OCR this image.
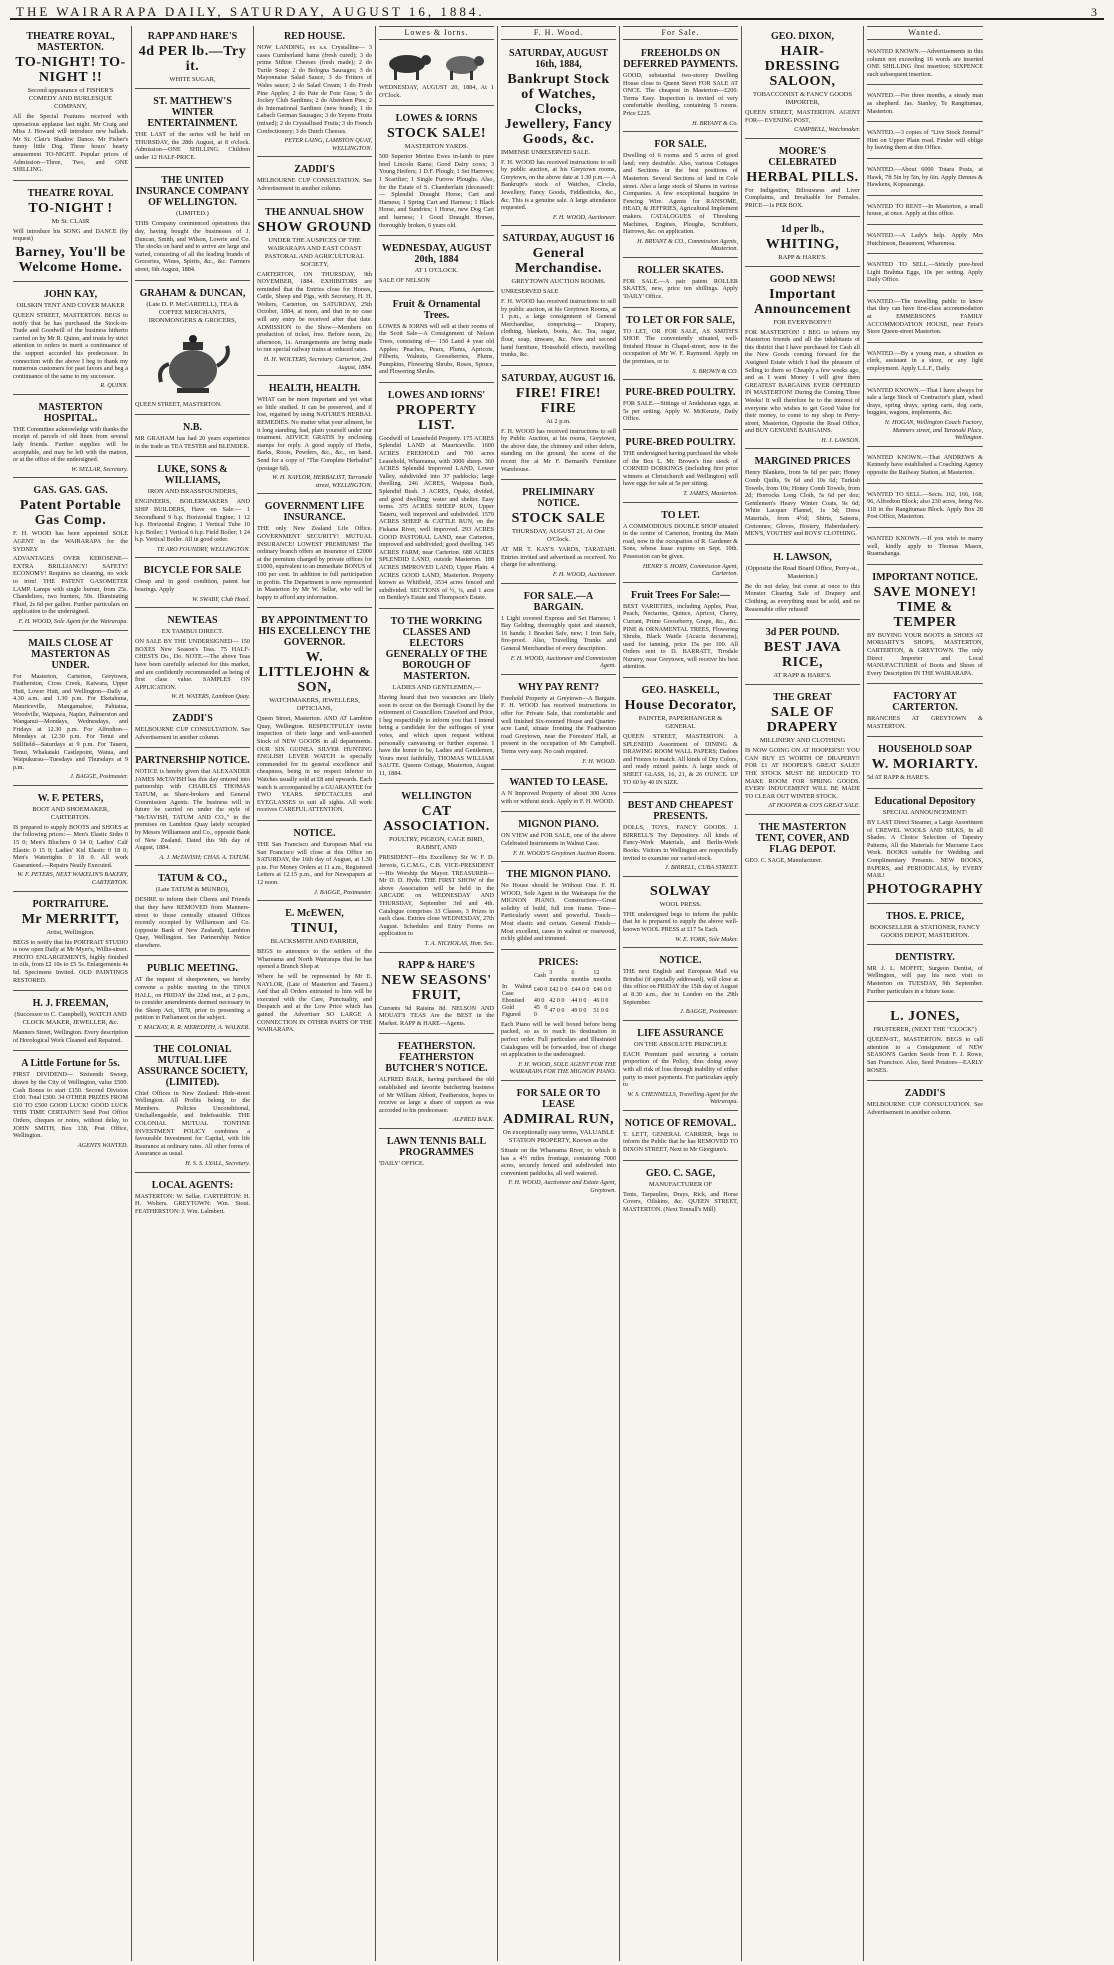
THE WAIRARAPA DAILY, SATURDAY, AUGUST 16, 1884.	3
THEATRE ROYAL, MASTERTON.
TO-NIGHT! TO-NIGHT !!
Second appearance of FISHER'S COMEDY AND BURLESQUE COMPANY,
All the Special Features received with uproarious applause last night. Mr Craig and Miss J. Howard will introduce new ballads. Mr St. Clair's Shadow Dance. Mr Fisher's funny little Dog. Three hours' hearty amusement TO-NIGHT. Popular prices of Admission—Three, Two, and ONE SHILLING.
THEATRE ROYAL
TO-NIGHT !
Mr St. CLAIR
Will introduce his SONG and DANCE (by request)
Barney, You'll be Welcome Home.
JOHN KAY,
OILSKIN TENT AND COVER MAKER
QUEEN STREET, MASTERTON. BEGS to notify that he has purchased the Stock-in-Trade and Goodwill of the business hitherto carried on by Mr R. Quinn, and trusts by strict attention to orders to merit a continuance of the support accorded his predecessor. In connection with the above I beg to thank my numerous customers for past favors and beg a continuance of the same to my successor.
R. QUINN.
MASTERTON HOSPITAL.
THE Committee acknowledge with thanks the receipt of parcels of old linen from several lady friends. Further supplies will be acceptable, and may be left with the matron, or at the office of the undersigned.
W. SELLAR, Secretary.
GAS. GAS. GAS.
Patent Portable Gas Comp.
F. H. WOOD has been appointed SOLE AGENT in the WAIRARAPA for the SYDNEY
ADVANTAGES OVER KEROSENE—EXTRA BRILLIANCY! SAFETY! ECONOMY! Requires no cleaning, no wick to trim! THE PATENT GASOMETER LAMP. Lamps with single burner, from 25s. Chandeliers, two burners, 50s. Illuminating Fluid, 2s 6d per gallon. Further particulars on application to the undersigned.
F. H. WOOD, Sole Agent for the Wairarapa.
MAILS CLOSE AT MASTERTON AS UNDER.
For Masterton, Carterton, Greytown, Featherston, Cross Creek, Kaiwara, Upper Hutt, Lower Hutt, and Wellington—Daily at 4.30 a.m. and 1.30 p.m. For Eketahuna, Mauriceville, Mangamahoe, Pahiatua, Woodville, Waipawa, Napier, Palmerston and Wanganui—Mondays, Wednesdays, and Fridays at 12.30 p.m. For Alfredton—Mondays at 12.30 p.m. For Tenui and Stillfield—Saturdays at 9 p.m. For Taueru, Tenui, Whakataki Castlepoint, Waiua, and Waipukurau—Tuesdays and Thursdays at 9 p.m.
J. BAGGE, Postmaster.
W. F. PETERS,
BOOT AND SHOEMAKER, CARTERTON.
IS prepared to supply BOOTS and SHOES at the following prices:— Men's Elastic Sides 0 15 0; Men's Bluchers 0 14 0; Ladies' Calf Elastic 0 15 0; Ladies' Kid Elastic 0 18 0; Men's Watertights 0 18 0. All work Guaranteed.—Repairs Neatly Executed.
W. F. PETERS, NEXT WAKELIN'S BAKERY, CARTERTON.
PORTRAITURE.
Mr MERRITT,
Artist, Wellington.
BEGS to notify that his PORTRAIT STUDIO is now open Daily at Mr Myer's, Willis-street. PHOTO ENLARGEMENTS, highly finished in oils, from £2 10s to £5 5s. Enlargements 4s 6d. Specimens Invited. OLD PAINTINGS RESTORED.
H. J. FREEMAN,
(Successor to C. Campbell), WATCH AND CLOCK MAKER, JEWELLER, &c.
Manners Street, Wellington. Every description of Horological Work Cleaned and Repaired.
A Little Fortune for 5s.
FIRST DIVIDEND— Sixteenth Sweep, drawn by the City of Wellington, value £500. Cash Bonus to start £150. Second Division £100. Total £300. 34 OTHER PRIZES FROM £10 TO £500 GOOD LUCK! GOOD LUCK THIS TIME CERTAIN!!! Send Post Office Orders, cheques or notes, without delay, to JOHN SMITH, Box 138, Post Office, Wellington.
AGENTS WANTED.
RAPP AND HARE'S
4d PER lb.—Try it.
WHITE SUGAR,
ST. MATTHEW'S WINTER ENTERTAINMENT.
THE LAST of the series will be held on THURSDAY, the 28th August, at 8 o'clock. Admission—ONE SHILLING. Children under 12 HALF-PRICE.
THE UNITED INSURANCE COMPANY OF WELLINGTON.
(LIMITED.)
THIS Company commenced operations this day, having bought the businesses of J. Duncan, Smith, and Wilson, Lowrie and Co. The stocks on hand and to arrive are large and varied, consisting of all the leading brands of Groceries, Wines, Spirits, &c., &c. Farmers street, 6th August, 1884.
GRAHAM & DUNCAN,
(Late D. P. McCARDELL), TEA & COFFEE MERCHANTS, IRONMONGERS & GROCERS,
QUEEN STREET, MASTERTON.
N.B.
MR GRAHAM has had 20 years experience in the trade as TEA TESTER and BLENDER.
LUKE, SONS & WILLIAMS,
IRON AND BRASSFOUNDERS,
ENGINEERS, BOILERMAKERS AND SHIP BUILDERS, Have on Sale:— 1 Secondhand 9 h.p. Horizontal Engine; 1 12 h.p. Horizontal Engine; 1 Vertical Tube 10 h.p. Boiler; 1 Vertical 6 h.p. Field Boiler; 1 24 h.p. Vertical Boiler. All in good order.
TE ARO FOUNDRY, WELLINGTON.
BICYCLE FOR SALE
Cheap and in good condition, patent bar bearings. Apply
W. SWABY, Club Hotel.
NEWTEAS
EX TAMBUI DIRECT.
ON SALE BY THE UNDERSIGNED— 150 BOXES New Season's Teas. 75 HALF-CHESTS Do., Do. NOTE.—The above Teas have been carefully selected for this market, and are confidently recommended as being of first class value. SAMPLES ON APPLICATION.
W. H. WATERS, Lambton Quay.
ZADDI'S
MELBOURNE CUP CONSULTATION. See Advertisement in another column.
PARTNERSHIP NOTICE.
NOTICE is hereby given that ALEXANDER JAMES McTAVISH has this day entered into partnership with CHARLES THOMAS TATUM, as Share-brokers and General Commission Agents. The business will in future be carried on under the style of "McTAVISH, TATUM AND CO.," in the premises on Lambton Quay lately occupied by Messrs Williamson and Co., opposite Bank of New Zealand. Dated this 9th day of August, 1884.
A. J. McTAVISH; CHAS. A. TATUM.
TATUM & CO.,
(Late TATUM & MUNRO),
DESIRE to inform their Clients and Friends that they have REMOVED from Manners-street to those centrally situated Offices recently occupied by Williamson and Co. (opposite Bank of New Zealand), Lambton Quay, Wellington. See Partnership Notice elsewhere.
PUBLIC MEETING.
AT the request of sheepowners, we hereby convene a public meeting in the TINUI HALL, on FRIDAY the 22nd inst., at 2 p.m., to consider amendments deemed necessary in the Sheep Act, 1878, prior to presenting a petition to Parliament on the subject.
T. MACKAY, R. R. MEREDITH, A. WALKER.
THE COLONIAL MUTUAL LIFE ASSURANCE SOCIETY, (LIMITED).
Chief Offices in New Zealand: Hide-street Wellington. All Profits belong to the Members. Policies Unconditional, Unchallengeable, and Indefeasible. THE COLONIAL MUTUAL TONTINE INVESTMENT POLICY combines a favourable Investment for Capital, with life Insurance at ordinary rates. All other forms of Assurance as usual.
H. S. S. LYALL, Secretary.
LOCAL AGENTS:
MASTERTON: W. Sellar. CARTERTON: H. H. Wolters. GREYTOWN: Wm. Stout. FEATHERSTON: J. Wm. Lalmbert.
RED HOUSE.
NOW LANDING, ex s.s. Crystalline— 3 cases Cumberland hams (fresh cured); 3 do prime Stilton Cheeses (fresh made); 2 do Turtle Soup; 2 do Bologna Sausages; 3 do Mayonnaise Salad Sauce; 3 do Fritters of Wales sauce; 2 do Salad Cream; 1 do Fresh Pine Apples; 2 do Pate de Foie Gras; 5 do Jockey Club Sardines; 2 do Aberdeen Pies; 2 do International Sardines (new brand); 1 do Labach German Sausages; 3 do Yeyens Fruits (mixed); 2 do Crystallised Fruits; 3 do French Confectionery; 3 do Dutch Cheeses.
PETER LAING, LAMBTON QUAY, WELLINGTON.
ZADDI'S
MELBOURNE CUP CONSULTATION. See Advertisement in another column.
THE ANNUAL SHOW
SHOW GROUND
UNDER THE AUSPICES OF THE WAIRARAPA AND EAST COAST PASTORAL AND AGRICULTURAL SOCIETY,
CARTERTON, ON THURSDAY, 9th NOVEMBER, 1884. EXHIBITORS are reminded that the Entries close for Horses, Cattle, Sheep and Pigs, with Secretary, H. H. Wolters, Carterton, on SATURDAY, 25th October, 1884, at noon, and that in no case will any entry be received after that date. ADMISSION to the Show—Members on production of ticket, free. Before noon, 2s; afternoon, 1s. Arrangements are being made to run special railway trains at reduced rates.
H. H. WOLTERS, Secretary. Carterton, 2nd August, 1884.
HEALTH, HEALTH.
WHAT can be more important and yet what so little studied. It can be preserved, and if lost, regained by using NATURE'S HERBAL REMEDIES. No matter what your ailment, be it long standing, bad, plain yourself under our treatment. ADVICE GRATIS by enclosing stamps for reply. A good supply of Herbs, Barks, Roots, Powders, &c., &c., on hand. Send for a copy of "The Complete Herbalist" (postage 6d).
W. H. NAYLOR, HERBALIST, Tarranaki street, WELLINGTON.
GOVERNMENT LIFE INSURANCE.
THE only New Zealand Life Office. GOVERNMENT SECURITY! MUTUAL INSURANCE! LOWEST PREMIUMS! The ordinary branch offers an insurance of £2000 at the premium charged by private offices for £1000, equivalent to an immediate BONUS of 100 per cent. In addition to full participation in profits. The Department is now represented in Masterton by Mr W. Sellar, who will be happy to afford any information.
BY APPOINTMENT TO HIS EXCELLENCY THE GOVERNOR.
W. LITTLEJOHN & SON,
WATCHMAKERS, JEWELLERS, OPTICIANS,
Queen Street, Masterton. AND AT Lambton Quay, Wellington. RESPECTFULLY invite inspection of their large and well-assorted Stock of NEW GOODS in all departments. OUR SIX GUINEA SILVER HUNTING ENGLISH LEVER WATCH is specially commended for its general excellence and cheapness, being in no respect inferior to Watches usually sold at £8 and upwards. Each watch is accompanied by a GUARANTEE for TWO YEARS. SPECTACLES and EYEGLASSES to suit all sights. All work receives CAREFUL ATTENTION.
NOTICE.
THE San Francisco and European Mail via San Francisco will close at this Office on SATURDAY, the 16th day of August, at 1.30 p.m. For Money Orders at 11 a.m., Registered Letters at 12.15 p.m., and for Newspapers at 12 noon.
J. BAGGE, Postmaster.
E. McEWEN,
TINUI,
BLACKSMITH AND FARRIER,
BEGS to announce to the settlers of the Whareama and North Wairarapa that he has opened a Branch Shop at
Where he will be represented by Mr E. NAYLOR, (Late of Masterton and Taueru.) And that all Orders entrusted to him will be executed with the Care, Punctuality, and Despatch and at the Low Price which has gained the Advertiser SO LARGE A CONNECTION IN OTHER PARTS OF THE WAIRARAPA.
Lowes & Iorns.
WEDNESDAY, AUGUST 20, 1884, At 1 O'Clock.
LOWES & IORNS
STOCK SALE!
MASTERTON YARDS.
500 Superior Merino Ewes in-lamb to pure bred Lincoln Rams; Good Dairy cows; 3 Young Heifers; 1 D.F. Plough; 1 Set Harrows; 1 Scarifier; 1 Single Furrow Ploughs. Also, for the Estate of S. Chamberlain (deceased):— Splendid Draught Horse; Cart and Harness; 1 Spring Cart and Harness; 1 Black Horse, and Sundries; 1 Horse, new Dog Cart and harness; 1 Good Draught Horses, thoroughly broken, 6 years old.
WEDNESDAY, AUGUST 20th, 1884
AT 1 O'CLOCK.
SALE OF NELSON
Fruit & Ornamental Trees.
LOWES & IORNS will sell at their rooms of the Scott Sale—A Consignment of Nelson Trees, consisting of— 150 Land 4 year old Apples; Peaches, Pears, Plums, Apricots, Filberts, Walnuts, Gooseberries, Plums, Pumpkins, Flowering Shrubs, Roses, Spruce, and Flowering Shrubs.
LOWES AND IORNS'
PROPERTY LIST.
Goodwill of Leasehold Property. 175 ACRES Splendid LAND at Mauriceville. 1600 ACRES FREEHOLD and 700 acres Leasehold, Whareama, with 3000 sheep. 360 ACRES Splendid Improved LAND, Lower Valley, subdivided into 37 paddocks; large dwelling. 246 ACRES, Waipoua Bush, Splendid Bush. 3 ACRES, Opaki, divided, and good dwelling; water and shelter. Easy terms. 375 ACRES SHEEP RUN, Upper Taueru, well improved and subdivided. 1570 ACRES SHEEP & CATTLE RUN, on the Fiskana River, well improved. 293 ACRES GOOD PASTORAL LAND, near Carterton, improved and subdivided; good dwelling. 145 ACRES FARM, near Carterton. 688 ACRES SPLENDID LAND, outside Masterton. 188 ACRES IMPROVED LAND, Upper Plain. 4 ACRES GOOD LAND, Masterton. Property known as Whitfield, 3534 acres fenced and subdivided. SECTIONS of ½, ¼, and 1 acre on Bentley's Estate and Thompson's Estate.
TO THE WORKING CLASSES AND ELECTORS GENERALLY OF THE BOROUGH OF MASTERTON.
LADIES AND GENTLEMEN,—
Having heard that two vacancies are likely soon to occur on the Borough Council by the retirement of Councillors Crawford and Price, I beg respectfully to inform you that I intend being a candidate for the suffrages of your votes, and which upon request without personally canvassing or further expense. I have the honor to be, Ladies and Gentlemen, Yours most faithfully, THOMAS WILLIAM SAUTE. Queens Cottage, Masterton, August 11, 1884.
WELLINGTON
CAT ASSOCIATION.
POULTRY, PIGEON, CAGE BIRD, RABBIT, AND
PRESIDENT—His Excellency Sir W. F. D. Jervois, G.C.M.G., C.B. VICE-PRESIDENT—His Worship the Mayor. TREASURER—Mr D. D. Hyde. THE FIRST SHOW of the above Association will be held in the ARCADE on WEDNESDAY AND THURSDAY, September 3rd and 4th. Catalogue comprises 33 Classes, 3 Prizes in each class. Entries close WEDNESDAY, 27th August. Schedules and Entry Forms on application to
T. A. NICHOLAS, Hon. Sec.
RAPP & HARE'S
NEW SEASONS' FRUIT,
Currants 9d Raisins 8d. NELSON AND MOUAT'S TEAS Are the BEST in the Market. RAPP & HARE—Agents.
FEATHERSTON. FEATHERSTON BUTCHER'S NOTICE.
ALFRED BALK, having purchased the old established and favorite butchering business of Mr William Abbott, Featherston, hopes to receive as large a share of support as was accorded to his predecessor.
ALFRED BALK.
LAWN TENNIS BALL PROGRAMMES
'DAILY' OFFICE.
F. H. Wood.
SATURDAY, AUGUST 16th, 1884,
Bankrupt Stock of Watches, Clocks, Jewellery, Fancy Goods, &c.
IMMENSE UNRESERVED SALE.
F. H. WOOD has received instructions to sell by public auction, at his Greytown rooms, Greytown, on the above date at 1.30 p.m.— A Bankrupt's stock of Watches, Clocks, Jewellery, Fancy Goods, Fiddlesticks, &c., &c. This is a genuine sale. A large attendance requested.
F. H. WOOD, Auctioneer.
SATURDAY, AUGUST 16
General Merchandise.
GREYTOWN AUCTION ROOMS.
UNRESERVED SALE
F. H. WOOD has received instructions to sell by public auction, at his Greytown Rooms, at 1 p.m., a large consignment of General Merchandise, comprising— Drapery, clothing, blankets, boots, &c. Tea, sugar, flour, soap, tinware, &c. New and second hand furniture, Household effects, travelling trunks, &c.
SATURDAY, AUGUST 16.
FIRE! FIRE! FIRE
At 2 p.m.
F. H. WOOD has received instructions to sell by Public Auction, at his rooms, Greytown, the above date, the chimney and other debris, standing on the ground, the scene of the recent fire at Mr F. Bernard's Furniture Warehouse.
PRELIMINARY NOTICE.
STOCK SALE
THURSDAY, AUGUST 21, At One O'Clock.
AT MR T. KAY'S YARDS, TARATAHI. Entries invited and advertised as received. No charge for advertising.
F. H. WOOD, Auctioneer.
FOR SALE.—A BARGAIN.
1 Light covered Express and Set Harness; 1 Bay Gelding, thoroughly quiet and staunch, 16 hands; 1 Bracket Safe, new; 1 Iron Safe, fire-proof. Also, Travelling Trunks and General Merchandise of every description.
F. H. WOOD, Auctioneer and Commission Agent.
WHY PAY RENT?
Freehold Property at Greytown—A Bargain. F. H. WOOD has received instructions to offer for Private Sale, that comfortable and well finished Six-roomed House and Quarter-acre Land, situate fronting the Featherston road Greytown, near the Foresters' Hall, at present in the occupation of Mr Campbell. Terms very easy. No cash required.
F. H. WOOD.
WANTED TO LEASE.
A N Improved Property of about 300 Acres with or without stock. Apply to F. H. WOOD.
MIGNON PIANO.
ON VIEW and FOR SALE, one of the above Celebrated Instruments in Walnut Case.
F. H. WOOD'S Greytown Auction Rooms.
THE MIGNON PIANO.
No House should be Without One. F. H. WOOD, Sole Agent in the Wairarapa for the MIGNON PIANO. Construction—Great solidity of build, full iron frame. Tone—Particularly sweet and powerful. Touch—Most elastic and certain. General Finish—Most excellent, cases in walnut or rosewood, richly gilded and trimmed.
PRICES:
	Cash	3 months	6 months	12 months
In Walnut Case	£40 0	£42 0 0	£44 0 0	£46 0 0
Ebonised	40 0	42 0 0	44 0 0	46 0 0
Gold Figured	45 0 0	47 0 0	49 0 0	51 0 0
Each Piano will be well boxed before being packed, so as to reach its destination in perfect order. Full particulars and Illustrated Catalogues will be forwarded, free of charge on application to the undersigned.
F. H. WOOD, SOLE AGENT FOR THE WAIRARAPA FOR THE MIGNON PIANO.
FOR SALE OR TO LEASE
ADMIRAL RUN,
On exceptionally easy terms, VALUABLE STATION PROPERTY, Known as the
Situate on the Whareama River, to which it has a 4½ miles frontage, containing 7000 acres, securely fenced and subdivided into convenient paddocks, all well watered.
F. H. WOOD, Auctioneer and Estate Agent, Greytown.
For Sale.
FREEHOLDS ON DEFERRED PAYMENTS.
GOOD, substantial two-storey Dwelling House close to Queen Street FOR SALE AT ONCE. The cheapest in Masterton—£200. Terms Easy. Inspection is invited of very comfortable dwelling, containing 5 rooms. Price £225.
H. BRYANT & Co.
FOR SALE.
Dwelling of 6 rooms and 5 acres of good land; very desirable. Also, various Cottages and Sections in the best positions of Masterton. Several Sections of land in Cole street. Also a large stock of Shares in various Companies. A few exceptional bargains in Fencing Wire. Agents for RANSOME, HEAD, & JEFFRIES, Agricultural Implement makers. CATALOGUES of Threshing Machines, Engines, Ploughs, Scrubbers, Harrows, &c. on application.
H. BRYANT & CO., Commission Agents, Masterton.
ROLLER SKATES.
FOR SALE.—A pair patent ROLLER SKATES, new, price ten shillings. Apply 'DAILY' Office.
TO LET OR FOR SALE,
TO LET, OR FOR SALE, AS SMITH'S SHOP. The conveniently situated, well-finished House in Chapel-street, now in the occupation of Mr W. F. Raymond. Apply on the premises, or to
S. BROWN & CO.
PURE-BRED POULTRY.
FOR SALE.—Sittings of Andalusian eggs, at 5s per setting. Apply W. McKenzie, Daily Office.
PURE-BRED POULTRY.
THE undersigned having purchased the whole of the Box L. Mr. Brown's fine stock of CORNED DORKINGS (including first prize winners at Christchurch and Wellington) will have eggs for sale at 5s per sitting.
T. JAMES, Masterton.
TO LET.
A COMMODIOUS DOUBLE SHOP situated in the centre of Carterton, fronting the Main road, now in the occupation of R. Gardener & Sons, whose lease expires on Sept. 10th. Possession can be given.
HENRY S. HORN, Commission Agent, Carterton.
Fruit Trees For Sale:—
BEST VARIETIES, including Apples, Pear, Peach, Nectarine, Quince, Apricot, Cherry, Currant, Prime Gooseberry, Grape, &c., &c. PINE & ORNAMENTAL TREES, Flowering Shrubs, Black Wattle (Acacia decurrens), used for tanning, price 15s per 100. All Orders sent to D. BARRATT, Tirodale Nursery, near Greytown, will receive his best attention.
GEO. HASKELL,
House Decorator,
PAINTER, PAPERHANGER & GENERAL
QUEEN STREET, MASTERTON. A SPLENDID Assortment of DINING & DRAWING ROOM WALL PAPERS; Dadoes and Friezes to match. All kinds of Dry Colors, and ready mixed paints. A large stock of SHEET GLASS, 16, 21, & 26 OUNCE. UP TO 60 by 40 IN SIZE.
BEST AND CHEAPEST PRESENTS.
DOLLS, TOYS, FANCY GOODS. J. BIRRELL'S Toy Depository. All kinds of Fancy-Work Materials, and Berlin-Work Books. Visitors to Wellington are respectfully invited to examine our varied stock.
J. BIRRELL, CUBA STREET.
SOLWAY
WOOL PRESS.
THE undersigned begs to inform the public that he is prepared to supply the above well-known WOOL PRESS at £17 5s Each.
W. E. YORK, Sole Maker.
NOTICE.
THE next English and European Mail via Brindisi (if specially addressed), will close at this office on FRIDAY the 15th day of August at 8.30 a.m., due in London on the 29th September.
J. BAGGE, Postmaster.
LIFE ASSURANCE
ON THE ABSOLUTE PRINCIPLE
EACH Premium paid securing a certain proportion of the Policy, thus doing away with all risk of loss through inability of either party to meet payments. For particulars apply to
W. S. CHENNELLS, Travelling Agent for the Wairarapa.
NOTICE OF REMOVAL.
T. LETT, GENERAL CARRIER, begs to inform the Public that he has REMOVED TO DIXON STREET, Next to Mr Giorgium's.
GEO. C. SAGE,
MANUFACTURER OF
Tents, Tarpaulins, Drays, Rick, and Horse Covers, Oilskins, &c. QUEEN STREET, MASTERTON. (Next Tonnall's Mill)
GEO. DIXON,
HAIR-DRESSING SALOON,
TOBACCONIST & FANCY GOODS IMPORTER,
QUEEN STREET, MASTERTON. AGENT FOR— EVENING POST,
CAMPBELL, Watchmaker.
MOORE'S CELEBRATED
HERBAL PILLS.
For Indigestion, Biliousness and Liver Complaints, and Invaluable for Females. PRICE—1s PER BOX.
1d per lb.,
WHITING,
RAPP & HARE'S.
GOOD NEWS!
Important Announcement
FOR EVERYBODY!!
FOR MASTERTON! I BEG to inform my Masterton friends and all the inhabitants of this district that I have purchased for Cash all the New Goods coming forward for the Assigned Estate which I had the pleasure of Selling to them so Cheaply a few weeks ago, and as I want Money I will give them GREATEST BARGAINS EVER OFFERED IN MASTERTON! During the Coming Three Weeks! It will therefore be to the interest of everyone who wishes to get Good Value for their money, to come to my shop in Perry-street, Masterton, Opposite the Road Office, and BUY GENUINE BARGAINS.
H. J. LAWSON.
MARGINED PRICES
Henry Blankets, from 9s 6d per pair; Honey Comb Quilts, 9s 6d and 10s 6d; Turkish Towels, from 10s; Honey Comb Towels, from 2d; Horrocks Long Cloth, 5s 6d per doz; Gentlemen's Heavy Winter Coats, 9s 6d; White Lacquer Flannel, 1s 3d; Dress Materials, from 4½d; Shirts, Sateens, Cretonnes; Gloves, Hosiery, Haberdashery. MEN'S, YOUTHS' and BOYS' CLOTHING.
H. LAWSON,
(Opposite the Road Board Office, Perry-st., Masterton.)
Be do not delay, but come at once to this Monster Clearing Sale of Drapery and Clothing, as everything must be sold, and no Reasonable offer refused!
3d PER POUND.
BEST JAVA RICE,
AT RAPP & HARE'S.
THE GREAT
SALE OF DRAPERY
MILLINERY AND CLOTHING
IS NOW GOING ON AT HOOPER'S!! YOU CAN BUY £5 WORTH OF DRAPERY!! FOR £1 AT HOOPER'S GREAT SALE!! THE STOCK MUST BE REDUCED TO MAKE ROOM FOR SPRING GOODS. EVERY INDUCEMENT WILL BE MADE TO CLEAR OUT WINTER STOCK.
AT HOOPER & CO'S GREAT SALE.
THE MASTERTON TENT, COVER, AND FLAG DEPOT.
GEO. C. SAGE, Manufacturer.
Wanted.
WANTED KNOWN.—Advertisements in this column not exceeding 16 words are inserted ONE SHILLING first insertion; SIXPENCE each subsequent insertion.
WANTED.—For three months, a steady man as shepherd. Jas. Stanley, Te Rangitumau, Masterton.
WANTED.—3 copies of "Live Stock Journal" Hint on Upper Plain road. Finder will oblige by leaving them at this Office.
WANTED.—About 6000 Totara Posts, at Hawk, 7ft 5in by 5in, by 6in. Apply Dennes & Hawkens, Kopuaranga.
WANTED TO RENT—In Masterton, a small house, at once. Apply at this office.
WANTED.—A Lady's help. Apply Mrs Hutchinson, Beaumont, Wharemoa.
WANTED TO SELL.—Strictly pure-bred Light Brahma Eggs, 10s per setting. Apply Daily Office.
WANTED.—The travelling public to know that they can have first-class accommodation at EMMERSON'S FAMILY ACCOMMODATION HOUSE, near Feist's Store Queen-street Masterton.
WANTED.—By a young man, a situation as clerk, assistant in a store, or any light employment. Apply L.L.F., Daily.
WANTED KNOWN.—That I have always for sale a large Stock of Contractor's plant, wheel drays, spring drays, spring carts, dog carts, buggies, wagons, implements, &c.
N. HOGAN, Wellington Coach Factory, Manners street, and Taranaki Place, Wellington.
WANTED KNOWN.—That ANDREWS & Kennedy have established a Coaching Agency opposite the Railway Station, at Masterton.
WANTED TO SELL.—Sects. 162, 166, 168, 96, Alfredton Block; also 230 acres, being No. 118 in the Rangitumau Block. Apply Box 28 Post Office, Masterton.
WANTED KNOWN.—If you wish to marry well, kindly apply to Thomas Mason, Ruamahanga.
IMPORTANT NOTICE.
SAVE MONEY! TIME & TEMPER
BY BUYING YOUR BOOTS & SHOES AT MORIARTY'S SHOPS, MASTERTON, CARTERTON, & GREYTOWN. The only Direct Importer and Local MANUFACTURER of Boots and Shoes of Every Description IN THE WAIRARAPA.
FACTORY AT CARTERTON.
BRANCHES AT GREYTOWN & MASTERTON.
HOUSEHOLD SOAP
W. MORIARTY.
5d AT RAPP & HARE'S.
Educational Depository
SPECIAL ANNOUNCEMENT!
BY LAST Direct Steamer, a Large Assortment of CREWEL WOOLS AND SILKS, In all Shades. A Choice Selection of Tapestry Patterns, All the Materials for Macrame Lace Work. BOOKS suitable for Wedding and Complimentary Presents. NEW BOOKS, PAPERS, and PERIODICALS, by EVERY MAIL!
PHOTOGRAPHY
THOS. E. PRICE,
BOOKSELLER & STATIONER, FANCY GOODS DEPOT, MASTERTON.
DENTISTRY.
MR J. L. MOFFIT, Surgeon Dentist, of Wellington, will pay his next visit to Masterton on TUESDAY, 9th September. Further particulars in a future issue.
L. JONES,
FRUITERER, (NEXT THE "CLOCK")
QUEEN-ST., MASTERTON. BEGS to call attention to a Consignment of NEW SEASON'S Garden Seeds from F. J. Rowe, San Francisco. Also, Seed Potatoes—EARLY ROSES.
ZADDI'S
MELBOURNE CUP CONSULTATION. See Advertisement in another column.
